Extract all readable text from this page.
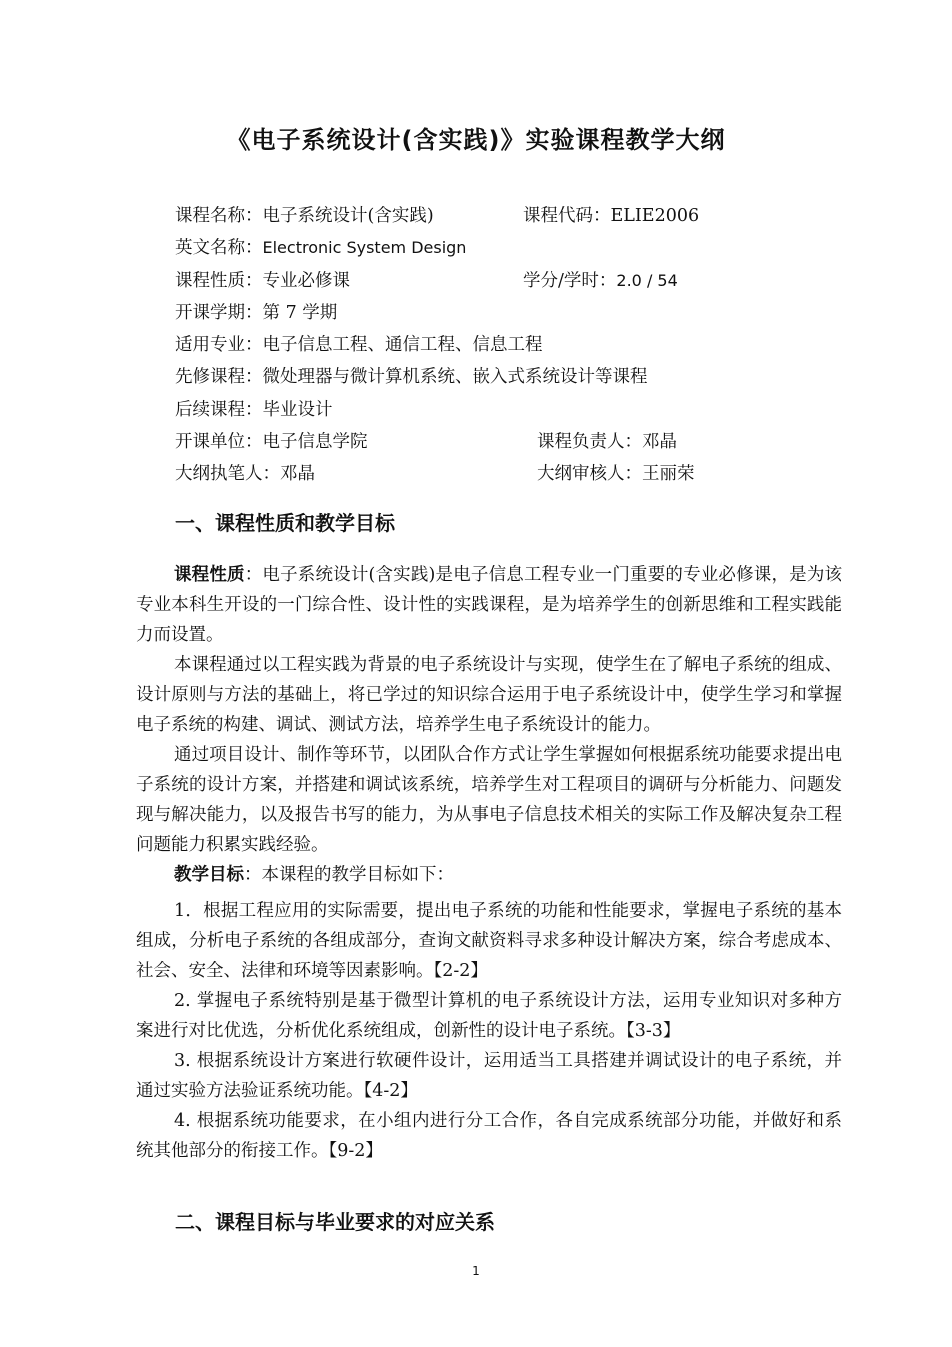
《电子系统设计(含实践)》实验课程教学大纲
课程名称：电子系统设计(含实践)	课程代码：ELIE2006
英文名称：Electronic System Design
课程性质：专业必修课	学分/学时：2.0 / 54
开课学期：第 7 学期
适用专业：电子信息工程、通信工程、信息工程
先修课程：微处理器与微计算机系统、嵌入式系统设计等课程
后续课程：毕业设计
开课单位：电子信息学院	课程负责人：邓晶
大纲执笔人：邓晶	大纲审核人：王丽荣
一、课程性质和教学目标

课程性质：电子系统设计(含实践)是电子信息工程专业一门重要的专业必修课，是为该专业本科生开设的一门综合性、设计性的实践课程，是为培养学生的创新思维和工程实践能力而设置。

本课程通过以工程实践为背景的电子系统设计与实现，使学生在了解电子系统的组成、设计原则与方法的基础上，将已学过的知识综合运用于电子系统设计中，使学生学习和掌握电子系统的构建、调试、测试方法，培养学生电子系统设计的能力。

通过项目设计、制作等环节，以团队合作方式让学生掌握如何根据系统功能要求提出电子系统的设计方案，并搭建和调试该系统，培养学生对工程项目的调研与分析能力、问题发现与解决能力，以及报告书写的能力，为从事电子信息技术相关的实际工作及解决复杂工程问题能力积累实践经验。

教学目标：本课程的教学目标如下：

1．根据工程应用的实际需要，提出电子系统的功能和性能要求，掌握电子系统的基本组成，分析电子系统的各组成部分，查询文献资料寻求多种设计解决方案，综合考虑成本、社会、安全、法律和环境等因素影响。【2-2】

2. 掌握电子系统特别是基于微型计算机的电子系统设计方法，运用专业知识对多种方案进行对比优选，分析优化系统组成，创新性的设计电子系统。【3-3】

3. 根据系统设计方案进行软硬件设计，运用适当工具搭建并调试设计的电子系统，并通过实验方法验证系统功能。【4-2】

4. 根据系统功能要求，在小组内进行分工合作，各自完成系统部分功能，并做好和系统其他部分的衔接工作。【9-2】

二、课程目标与毕业要求的对应关系
1
